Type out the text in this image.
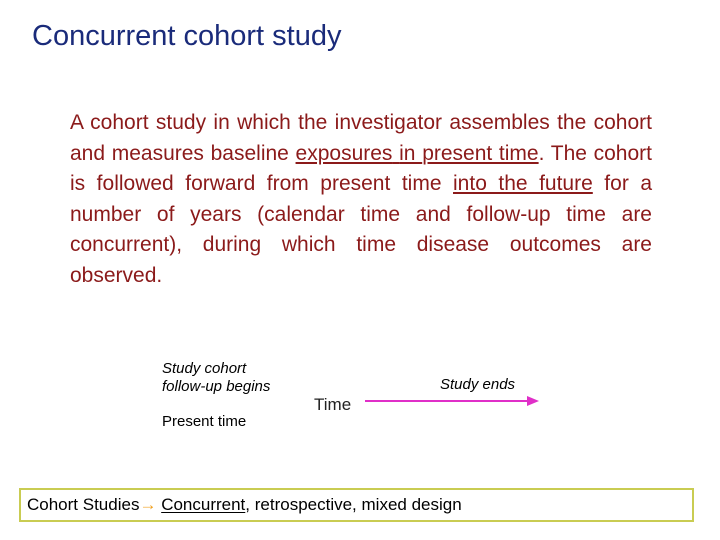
Concurrent cohort study
A cohort study in which the investigator assembles the cohort and measures baseline exposures in present time. The cohort is followed forward from present time into the future for a number of years (calendar time and follow-up time are concurrent), during which time disease outcomes are observed.
Study cohort
follow-up begins
Present time
Time
Study ends
Cohort Studies→ Concurrent, retrospective, mixed design
